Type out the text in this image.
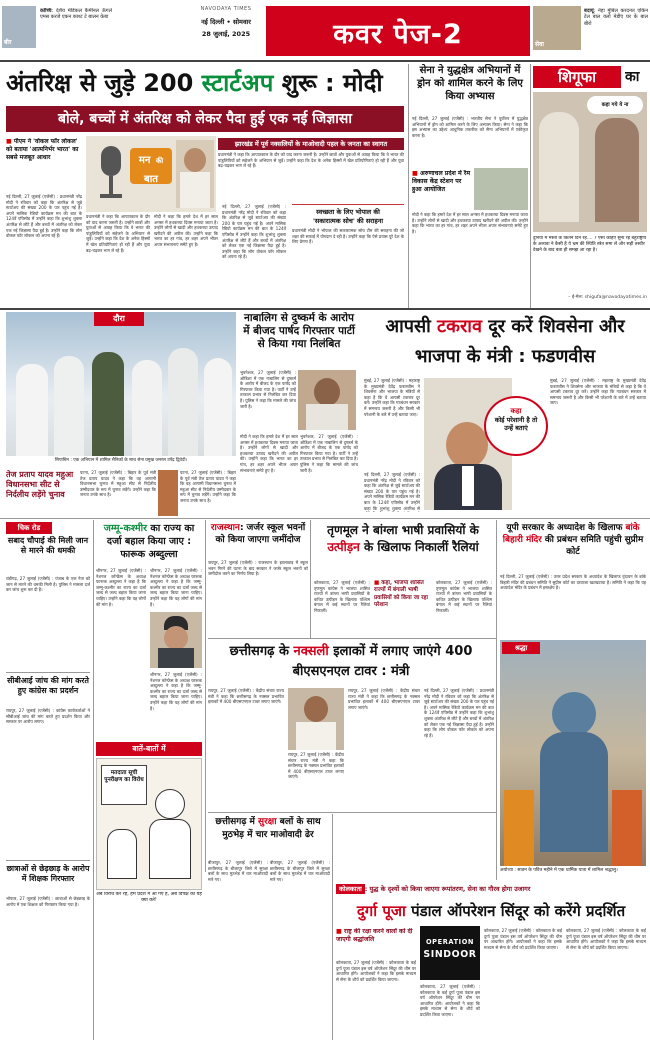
बीर
कोच्चि: देशैय मेडिकल कैमीनल ऊँगले एमस करजे एकन काश्ट टे बालन केबा
NAVODAYA TIMES
नई दिल्ली • सोमवार
28 जुलाई, 2025	कवर पेज-2	सेवा
बदायूं: नेहा मुंबिल करदनत एकिन टेल बाल यलो मेडीएं घर के बाल बीरो
अंतरिक्ष से जुड़े 200 स्टार्टअप शुरू : मोदी
बोले, बच्चों में अंतरिक्ष को लेकर पैदा हुई एक नई जिज्ञासा
■ पीएम ने 'वोकल फॉर लोकल' को बताया 'आत्मनिर्भर भारत' का सबसे मजबूत आधार
नई दिल्ली, 27 जुलाई (एजेंसी) : प्रधानमंत्री नरेंद्र मोदी ने रविवार को कहा कि अंतरिक्ष से जुड़े स्टार्टअप की संख्या 200 के पार पहुंच गई है। अपने मासिक रेडियो कार्यक्रम मन की बात के 124वें एपिसोड में उन्होंने कहा कि शुभांशु शुक्ला अंतरिक्ष से लौटे हैं और बच्चों में अंतरिक्ष को लेकर एक नई जिज्ञासा पैदा हुई है। उन्होंने कहा कि लोग वोकल फॉर लोकल को अपना रहे हैं।
मन की
बात
झारखंड में पूर्व नक्सलियों के माओवादी पहल के जनता का स्वागत
प्रधानमंत्री ने कहा कि आपातकाल के दौर को याद करना जरूरी है। उन्होंने छात्रों और युवाओं से आग्रह किया कि वे भारत की पांडुलिपियों को सहेजने के अभियान से जुड़ें। उन्होंने कहा कि देश के अनेक हिस्सों में खेल प्रतियोगिताएं हो रही हैं और युवा बढ़-चढ़कर भाग ले रहे हैं।
प्रधानमंत्री ने कहा कि आपातकाल के दौर को याद करना जरूरी है। उन्होंने छात्रों और युवाओं से आग्रह किया कि वे भारत की पांडुलिपियों को सहेजने के अभियान से जुड़ें। उन्होंने कहा कि देश के अनेक हिस्सों में खेल प्रतियोगिताएं हो रही हैं और युवा बढ़-चढ़कर भाग ले रहे हैं।
मोदी ने कहा कि हमारे देश में हर साल अगस्त में हथकरघा दिवस मनाया जाता है। उन्होंने लोगों से खादी और हथकरघा उत्पाद खरीदने की अपील की। उन्होंने कहा कि भारत का हर गांव, हर शहर अपने भीतर अपार संभावनाएं समेटे हुए है।
नई दिल्ली, 27 जुलाई (एजेंसी) : प्रधानमंत्री नरेंद्र मोदी ने रविवार को कहा कि अंतरिक्ष से जुड़े स्टार्टअप की संख्या 200 के पार पहुंच गई है। अपने मासिक रेडियो कार्यक्रम मन की बात के 124वें एपिसोड में उन्होंने कहा कि शुभांशु शुक्ला अंतरिक्ष से लौटे हैं और बच्चों में अंतरिक्ष को लेकर एक नई जिज्ञासा पैदा हुई है। उन्होंने कहा कि लोग वोकल फॉर लोकल को अपना रहे हैं।
स्वच्छता के लिए भोपाल की
'सकारात्मक सोच' की सराहना
प्रधानमंत्री मोदी ने भोपाल की सकारात्मक सोच टीम की सराहना की जो शहर की सफाई में योगदान दे रही है। उन्होंने कहा कि ऐसे प्रयास पूरे देश के लिए प्रेरणा हैं।
सेना ने युद्धक्षेत्र अभियानों में ड्रोन को शामिल करने के लिए किया अभ्यास
नई दिल्ली, 27 जुलाई (एजेंसी) : भारतीय सेना ने पूर्वोत्तर में युद्धक्षेत्र अभियानों में ड्रोन को शामिल करने के लिए अभ्यास किया। सेना ने कहा कि इस अभ्यास का उद्देश्य आधुनिक तकनीक को सैन्य अभियानों में एकीकृत करना है।
■ अरुणाचल प्रदेश में रैम विकास केंद्र स्टेशन पर हुआ आयोजित
मोदी ने कहा कि हमारे देश में हर साल अगस्त में हथकरघा दिवस मनाया जाता है। उन्होंने लोगों से खादी और हथकरघा उत्पाद खरीदने की अपील की। उन्होंने कहा कि भारत का हर गांव, हर शहर अपने भीतर अपार संभावनाएं समेटे हुए है।
शिगूफा	का
कहा गये ये ना
दुनिया में मस्ती के कितने दिन रह.... ? ऐसा कहिए सुना रहे बहुराष्ट्रीय के अलावा ने कैसी है ये भ्रम की स्थिति स्त्रेत समा लें और सही तस्वीर देखने के बाद बता ही समझ आ रहा है।
– ई-मेल: shigufa@navodayatimes.in
दौरा
सियाचिन : एक अभियान में शामिल सैनिकों के साथ सेना प्रमुख जनरल उपेंद्र द्विवेदी।
नाबालिग से दुष्कर्म के आरोप में बीजद पार्षद गिरफ्तार पार्टी से किया गया निलंबित
भुवनेश्वर, 27 जुलाई (एजेंसी) : ओडिशा में एक नाबालिग से दुष्कर्म के आरोप में बीजद के एक पार्षद को गिरफ्तार किया गया है। पार्टी ने उन्हें तत्काल प्रभाव से निलंबित कर दिया है। पुलिस ने कहा कि मामले की जांच जारी है।
मोदी ने कहा कि हमारे देश में हर साल अगस्त में हथकरघा दिवस मनाया जाता है। उन्होंने लोगों से खादी और हथकरघा उत्पाद खरीदने की अपील की। उन्होंने कहा कि भारत का हर गांव, हर शहर अपने भीतर अपार संभावनाएं समेटे हुए है।
भुवनेश्वर, 27 जुलाई (एजेंसी) : ओडिशा में एक नाबालिग से दुष्कर्म के आरोप में बीजद के एक पार्षद को गिरफ्तार किया गया है। पार्टी ने उन्हें तत्काल प्रभाव से निलंबित कर दिया है। पुलिस ने कहा कि मामले की जांच जारी है।
आपसी टकराव दूर करें शिवसेना और भाजपा के मंत्री : फडणवीस
मुंबई, 27 जुलाई (एजेंसी) : महाराष्ट्र के मुख्यमंत्री देवेंद्र फडणवीस ने शिवसेना और भाजपा के मंत्रियों से कहा है कि वे आपसी टकराव दूर करें। उन्होंने कहा कि गठबंधन सरकार में समन्वय जरूरी है और किसी भी परेशानी के बारे में उन्हें बताया जाए।	कहा
कोई परेशानी है तो उन्हें बताएं
मुंबई, 27 जुलाई (एजेंसी) : महाराष्ट्र के मुख्यमंत्री देवेंद्र फडणवीस ने शिवसेना और भाजपा के मंत्रियों से कहा है कि वे आपसी टकराव दूर करें। उन्होंने कहा कि गठबंधन सरकार में समन्वय जरूरी है और किसी भी परेशानी के बारे में उन्हें बताया जाए।
नई दिल्ली, 27 जुलाई (एजेंसी) : प्रधानमंत्री नरेंद्र मोदी ने रविवार को कहा कि अंतरिक्ष से जुड़े स्टार्टअप की संख्या 200 के पार पहुंच गई है। अपने मासिक रेडियो कार्यक्रम मन की बात के 124वें एपिसोड में उन्होंने कहा कि शुभांशु शुक्ला अंतरिक्ष से
तेज प्रताप यादव महुआ विधानसभा सीट से निर्दलीय लड़ेंगे चुनाव
पटना, 27 जुलाई (एजेंसी) : बिहार के पूर्व मंत्री तेज प्रताप यादव ने कहा कि वह आगामी विधानसभा चुनाव में महुआ सीट से निर्दलीय उम्मीदवार के रूप में चुनाव लड़ेंगे। उन्होंने कहा कि जनता उनके साथ है।
पटना, 27 जुलाई (एजेंसी) : बिहार के पूर्व मंत्री तेज प्रताप यादव ने कहा कि वह आगामी विधानसभा चुनाव में महुआ सीट से निर्दलीय उम्मीदवार के रूप में चुनाव लड़ेंगे। उन्होंने कहा कि जनता उनके साथ है।
चिक रोड
सबाद चौपाई की मिली जान से मारने की धमकी
चंडीगढ़, 27 जुलाई (एजेंसी) : पंजाब के एक नेता को जान से मारने की धमकी मिली है। पुलिस ने मामला दर्ज कर जांच शुरू कर दी है।
सीबीआई जांच की मांग करते हुए कांग्रेस का प्रदर्शन
रायपुर, 27 जुलाई (एजेंसी) : कांग्रेस कार्यकर्ताओं ने सीबीआई जांच की मांग करते हुए प्रदर्शन किया और सरकार पर आरोप लगाए।
छात्राओं से छेड़छाड़ के आरोप में शिक्षक गिरफ्तार
भोपाल, 27 जुलाई (एजेंसी) : छात्राओं से छेड़छाड़ के आरोप में एक शिक्षक को गिरफ्तार किया गया है।
जम्मू-कश्मीर का राज्य का दर्जा बहाल किया जाए : फारूक अब्दुल्ला
श्रीनगर, 27 जुलाई (एजेंसी) : नेशनल कॉन्फ्रेंस के अध्यक्ष फारूक अब्दुल्ला ने कहा है कि जम्मू-कश्मीर का राज्य का दर्जा जल्द से जल्द बहाल किया जाना चाहिए। उन्होंने कहा कि यह लोगों की मांग है।
श्रीनगर, 27 जुलाई (एजेंसी) : नेशनल कॉन्फ्रेंस के अध्यक्ष फारूक अब्दुल्ला ने कहा है कि जम्मू-कश्मीर का राज्य का दर्जा जल्द से जल्द बहाल किया जाना चाहिए। उन्होंने कहा कि यह लोगों की मांग है।
श्रीनगर, 27 जुलाई (एजेंसी) : नेशनल कॉन्फ्रेंस के अध्यक्ष फारूक अब्दुल्ला ने कहा है कि जम्मू-कश्मीर का राज्य का दर्जा जल्द से जल्द बहाल किया जाना चाहिए। उन्होंने कहा कि यह लोगों की मांग है।
बातें-बातों में
मतदाता सूची पुनरीक्षण का विरोध
अब विरोध कर रहे, हम प्रदेश में आ गए हैं, अब विपक्ष का यह क्या करे!
राजस्थान: जर्जर स्कूल भवनों को किया जाएगा जमींदोज
जयपुर, 27 जुलाई (एजेंसी) : राजस्थान के झालावाड़ में स्कूल भवन गिरने की घटना के बाद सरकार ने जर्जर स्कूल भवनों को जमींदोज करने का निर्णय लिया है।
तृणमूल ने बांग्ला भाषी प्रवासियों के उत्पीड़न के खिलाफ निकालीं रैलियां
कोलकाता, 27 जुलाई (एजेंसी) : तृणमूल कांग्रेस ने भाजपा शासित राज्यों में बांग्ला भाषी प्रवासियों के कथित उत्पीड़न के खिलाफ पश्चिम बंगाल में कई स्थानों पर रैलियां निकालीं।
■ कहा, भाजपा शासित राज्यों में बंगाली भाषी प्रवासियों को किया जा रहा परेशान
कोलकाता, 27 जुलाई (एजेंसी) : तृणमूल कांग्रेस ने भाजपा शासित राज्यों में बांग्ला भाषी प्रवासियों के कथित उत्पीड़न के खिलाफ पश्चिम बंगाल में कई स्थानों पर रैलियां निकालीं।
यूपी सरकार के अध्यादेश के खिलाफ बांके बिहारी मंदिर की प्रबंधन समिति पहुंची सुप्रीम कोर्ट
नई दिल्ली, 27 जुलाई (एजेंसी) : उत्तर प्रदेश सरकार के अध्यादेश के खिलाफ वृंदावन के बांके बिहारी मंदिर की प्रबंधन समिति ने सुप्रीम कोर्ट का दरवाजा खटखटाया है। समिति ने कहा कि यह अध्यादेश मंदिर के प्रबंधन में हस्तक्षेप है।
छत्तीसगढ़ के नक्सली इलाकों में लगाए जाएंगे 400 बीएसएनएल टावर : मंत्री
रायपुर, 27 जुलाई (एजेंसी) : केंद्रीय संचार राज्य मंत्री ने कहा कि छत्तीसगढ़ के नक्सल प्रभावित इलाकों में 400 बीएसएनएल टावर लगाए जाएंगे।
रायपुर, 27 जुलाई (एजेंसी) : केंद्रीय संचार राज्य मंत्री ने कहा कि छत्तीसगढ़ के नक्सल प्रभावित इलाकों में 400 बीएसएनएल टावर लगाए जाएंगे।
रायपुर, 27 जुलाई (एजेंसी) : केंद्रीय संचार राज्य मंत्री ने कहा कि छत्तीसगढ़ के नक्सल प्रभावित इलाकों में 400 बीएसएनएल टावर लगाए जाएंगे।
नई दिल्ली, 27 जुलाई (एजेंसी) : प्रधानमंत्री नरेंद्र मोदी ने रविवार को कहा कि अंतरिक्ष से जुड़े स्टार्टअप की संख्या 200 के पार पहुंच गई है। अपने मासिक रेडियो कार्यक्रम मन की बात के 124वें एपिसोड में उन्होंने कहा कि शुभांशु शुक्ला अंतरिक्ष से लौटे हैं और बच्चों में अंतरिक्ष को लेकर एक नई जिज्ञासा पैदा हुई है। उन्होंने कहा कि लोग वोकल फॉर लोकल को अपना रहे हैं।
श्रद्धा
अयोध्या : सावन के पवित्र महीने में एक धार्मिक यात्रा में शामिल श्रद्धालु।
छत्तीसगढ़ में सुरक्षा बलों के साथ मुठभेड़ में चार माओवादी ढेर
बीजापुर, 27 जुलाई (एजेंसी) : छत्तीसगढ़ के बीजापुर जिले में सुरक्षा बलों के साथ मुठभेड़ में चार माओवादी मारे गए।
बीजापुर, 27 जुलाई (एजेंसी) : छत्तीसगढ़ के बीजापुर जिले में सुरक्षा बलों के साथ मुठभेड़ में चार माओवादी मारे गए।
कोलकाता : युद्ध के दृश्यों को किया जाएगा रूपांतरण, सेना का गौरव होगा उजागर
दुर्गा पूजा पंडाल ऑपरेशन सिंदूर को करेंगे प्रदर्शित
■ राष्ट्र की रक्षा करने वालों को दी जाएगी श्रद्धांजलि
कोलकाता, 27 जुलाई (एजेंसी) : कोलकाता के कई दुर्गा पूजा पंडाल इस वर्ष ऑपरेशन सिंदूर की थीम पर आधारित होंगे। आयोजकों ने कहा कि इसके माध्यम से सेना के शौर्य को प्रदर्शित किया जाएगा।
OPERATION
SINDOOR
कोलकाता, 27 जुलाई (एजेंसी) : कोलकाता के कई दुर्गा पूजा पंडाल इस वर्ष ऑपरेशन सिंदूर की थीम पर आधारित होंगे। आयोजकों ने कहा कि इसके माध्यम से सेना के शौर्य को प्रदर्शित किया जाएगा।
कोलकाता, 27 जुलाई (एजेंसी) : कोलकाता के कई दुर्गा पूजा पंडाल इस वर्ष ऑपरेशन सिंदूर की थीम पर आधारित होंगे। आयोजकों ने कहा कि इसके माध्यम से सेना के शौर्य को प्रदर्शित किया जाएगा।
कोलकाता, 27 जुलाई (एजेंसी) : कोलकाता के कई दुर्गा पूजा पंडाल इस वर्ष ऑपरेशन सिंदूर की थीम पर आधारित होंगे। आयोजकों ने कहा कि इसके माध्यम से सेना के शौर्य को प्रदर्शित किया जाएगा।
